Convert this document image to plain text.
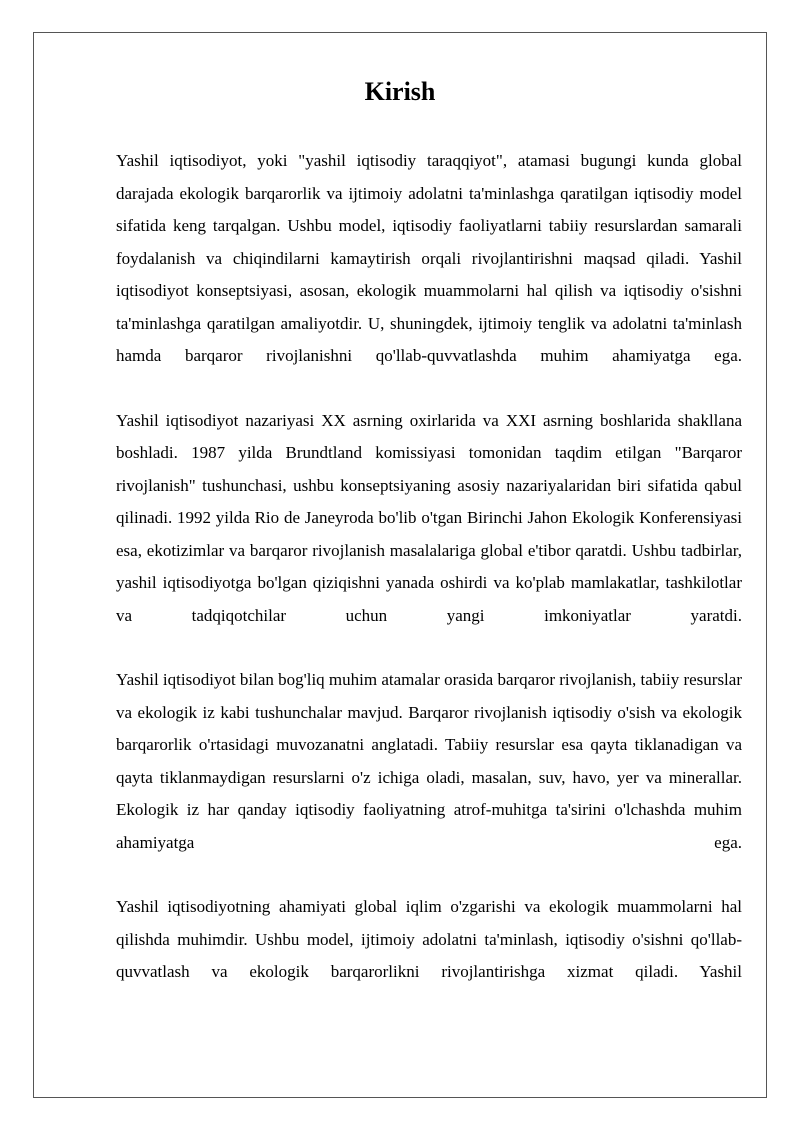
Kirish

Yashil iqtisodiyot, yoki "yashil iqtisodiy taraqqiyot", atamasi bugungi kunda global darajada ekologik barqarorlik va ijtimoiy adolatni ta'minlashga qaratilgan iqtisodiy model sifatida keng tarqalgan. Ushbu model, iqtisodiy faoliyatlarni tabiiy resurslardan samarali foydalanish va chiqindilarni kamaytirish orqali rivojlantirishni maqsad qiladi. Yashil iqtisodiyot konseptsiyasi, asosan, ekologik muammolarni hal qilish va iqtisodiy o'sishni ta'minlashga qaratilgan amaliyotdir. U, shuningdek, ijtimoiy tenglik va adolatni ta'minlash hamda barqaror rivojlanishni qo'llab-quvvatlashda muhim ahamiyatga ega.

Yashil iqtisodiyot nazariyasi XX asrning oxirlarida va XXI asrning boshlarida shakllana boshladi. 1987 yilda Brundtland komissiyasi tomonidan taqdim etilgan "Barqaror rivojlanish" tushunchasi, ushbu konseptsiyaning asosiy nazariyalaridan biri sifatida qabul qilinadi. 1992 yilda Rio de Janeyroda bo'lib o'tgan Birinchi Jahon Ekologik Konferensiyasi esa, ekotizimlar va barqaror rivojlanish masalalariga global e'tibor qaratdi. Ushbu tadbirlar, yashil iqtisodiyotga bo'lgan qiziqishni yanada oshirdi va ko'plab mamlakatlar, tashkilotlar va tadqiqotchilar uchun yangi imkoniyatlar yaratdi.

Yashil iqtisodiyot bilan bog'liq muhim atamalar orasida barqaror rivojlanish, tabiiy resurslar va ekologik iz kabi tushunchalar mavjud. Barqaror rivojlanish iqtisodiy o'sish va ekologik barqarorlik o'rtasidagi muvozanatni anglatadi. Tabiiy resurslar esa qayta tiklanadigan va qayta tiklanmaydigan resurslarni o'z ichiga oladi, masalan, suv, havo, yer va minerallar. Ekologik iz har qanday iqtisodiy faoliyatning atrof-muhitga ta'sirini o'lchashda muhim ahamiyatga ega.

Yashil iqtisodiyotning ahamiyati global iqlim o'zgarishi va ekologik muammolarni hal qilishda muhimdir. Ushbu model, ijtimoiy adolatni ta'minlash, iqtisodiy o'sishni qo'llab-quvvatlash va ekologik barqarorlikni rivojlantirishga xizmat qiladi. Yashil
